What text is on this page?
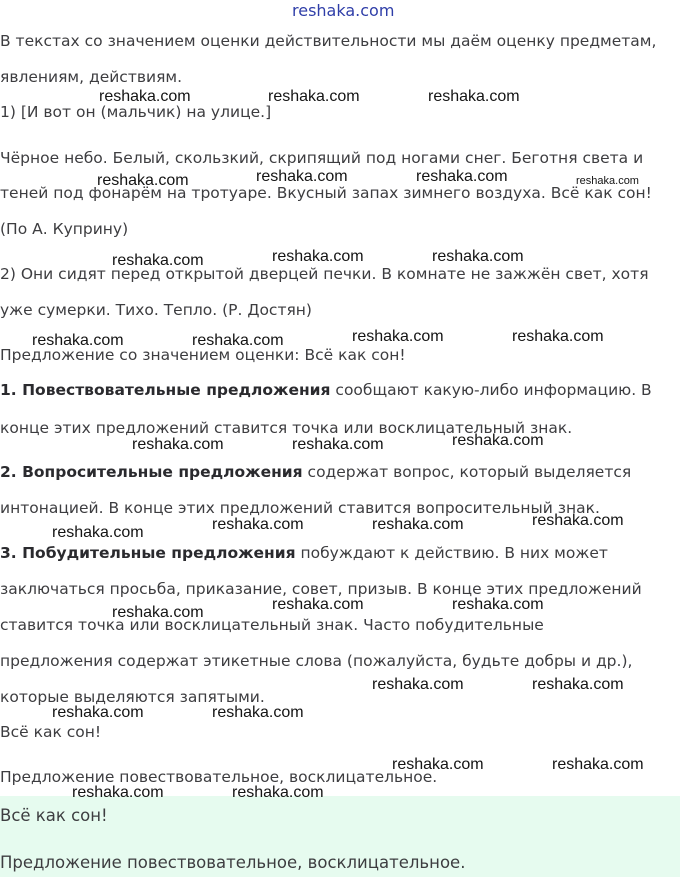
reshaka.com

В текстах со значением оценки действительности мы даём оценку предметам,

явлениям, действиям.

1) [И вот он (мальчик) на улице.]

Чёрное небо. Белый, скользкий, скрипящий под ногами снег. Беготня света и

теней под фонарём на тротуаре. Вкусный запах зимнего воздуха. Всё как сон!

(По А. Куприну)

2) Они сидят перед открытой дверцей печки. В комнате не зажжён свет, хотя

уже сумерки. Тихо. Тепло. (Р. Достян)

Предложение со значением оценки: Всё как сон!

1. Повествовательные предложения сообщают какую-либо информацию. В

конце этих предложений ставится точка или восклицательный знак.

2. Вопросительные предложения содержат вопрос, который выделяется

интонацией. В конце этих предложений ставится вопросительный знак.

3. Побудительные предложения побуждают к действию. В них может

заключаться просьба, приказание, совет, призыв. В конце этих предложений

ставится точка или восклицательный знак. Часто побудительные

предложения содержат этикетные слова (пожалуйста, будьте добры и др.),

которые выделяются запятыми.

Всё как сон!

Предложение повествовательное, восклицательное.

Всё как сон!

Предложение повествовательное, восклицательное.

reshaka.com	reshaka.com	reshaka.com
reshaka.com	reshaka.com	reshaka.com	reshaka.com
reshaka.com	reshaka.com	reshaka.com
reshaka.com	reshaka.com	reshaka.com	reshaka.com
reshaka.com	reshaka.com	reshaka.com
reshaka.com	reshaka.com	reshaka.com	reshaka.com
reshaka.com	reshaka.com	reshaka.com
reshaka.com	reshaka.com
reshaka.com	reshaka.com
reshaka.com	reshaka.com
reshaka.com	reshaka.com
